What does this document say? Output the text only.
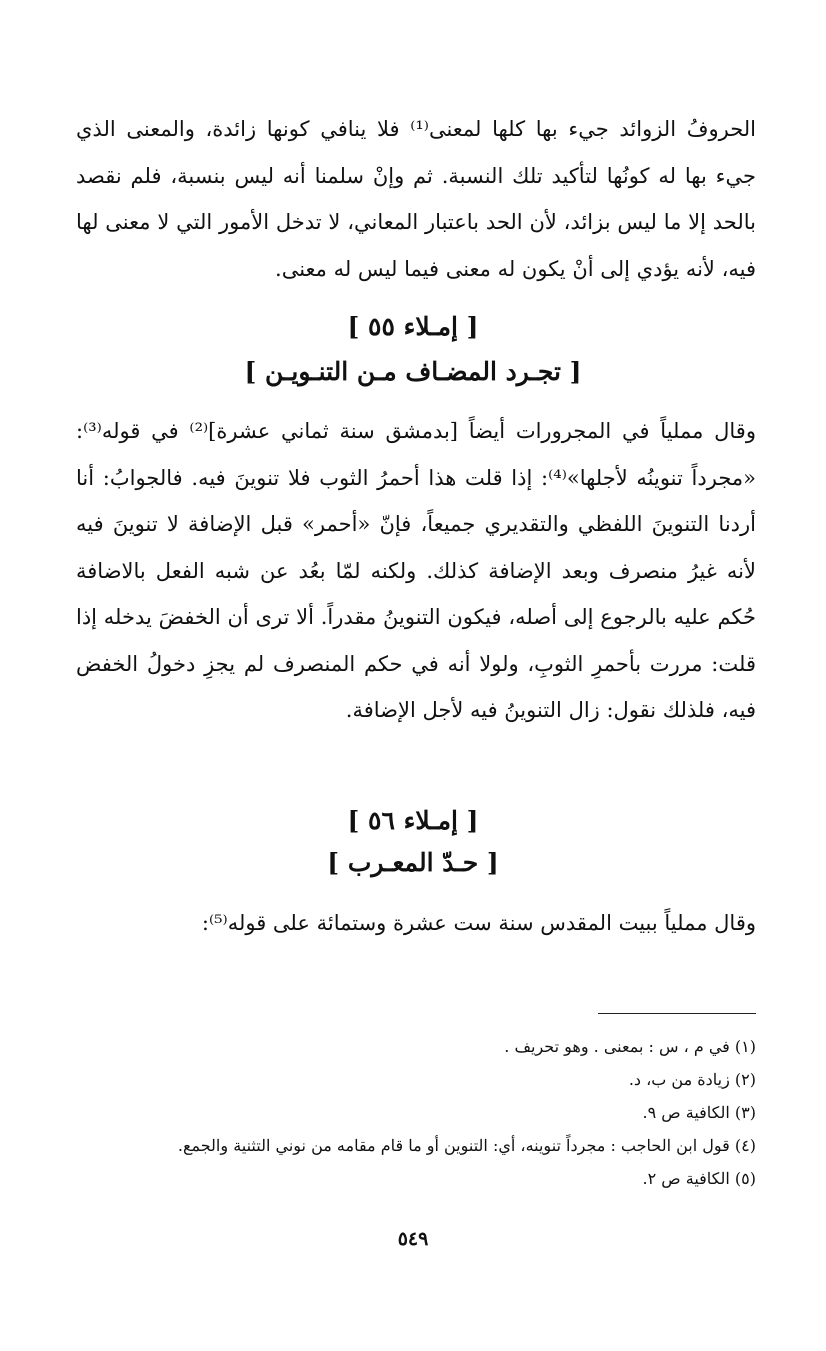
الحروفُ الزوائد جيء بها كلها لمعنى⁽¹⁾ فلا ينافي كونها زائدة، والمعنى الذي جيء بها له كونُها لتأكيد تلك النسبة. ثم وإنْ سلمنا أنه ليس بنسبة، فلم نقصد بالحد إلا ما ليس بزائد، لأن الحد باعتبار المعاني، لا تدخل الأمور التي لا معنى لها فيه، لأنه يؤدي إلى أنْ يكون له معنى فيما ليس له معنى.

[ إمـلاء ٥٥ ]
[ تجـرد المضـاف مـن التنـويـن ]

وقال مملياً في المجرورات أيضاً [بدمشق سنة ثماني عشرة]⁽²⁾ في قوله⁽³⁾: «مجرداً تنوينُه لأجلها»⁽⁴⁾: إذا قلت هذا أحمرُ الثوب فلا تنوينَ فيه. فالجوابُ: أنا أردنا التنوينَ اللفظي والتقديري جميعاً، فإنّ «أحمر» قبل الإضافة لا تنوينَ فيه لأنه غيرُ منصرف وبعد الإضافة كذلك. ولكنه لمّا بعُد عن شبه الفعل بالاضافة حُكم عليه بالرجوع إلى أصله، فيكون التنوينُ مقدراً. ألا ترى أن الخفضَ يدخله إذا قلت: مررت بأحمرِ الثوبِ، ولولا أنه في حكم المنصرف لم يجزِ دخولُ الخفض فيه، فلذلك نقول: زال التنوينُ فيه لأجل الإضافة.

[ إمـلاء ٥٦ ]
[ حـدّ المعـرب ]

وقال مملياً ببيت المقدس سنة ست عشرة وستمائة على قوله⁽⁵⁾:

(١) في م ، س : بمعنى . وهو تحريف .
(٢) زيادة من ب، د.
(٣) الكافية ص ٩.
(٤) قول ابن الحاجب : مجرداً تنوينه، أي: التنوين أو ما قام مقامه من نوني التثنية والجمع.
(٥) الكافية ص ٢.
٥٤٩
